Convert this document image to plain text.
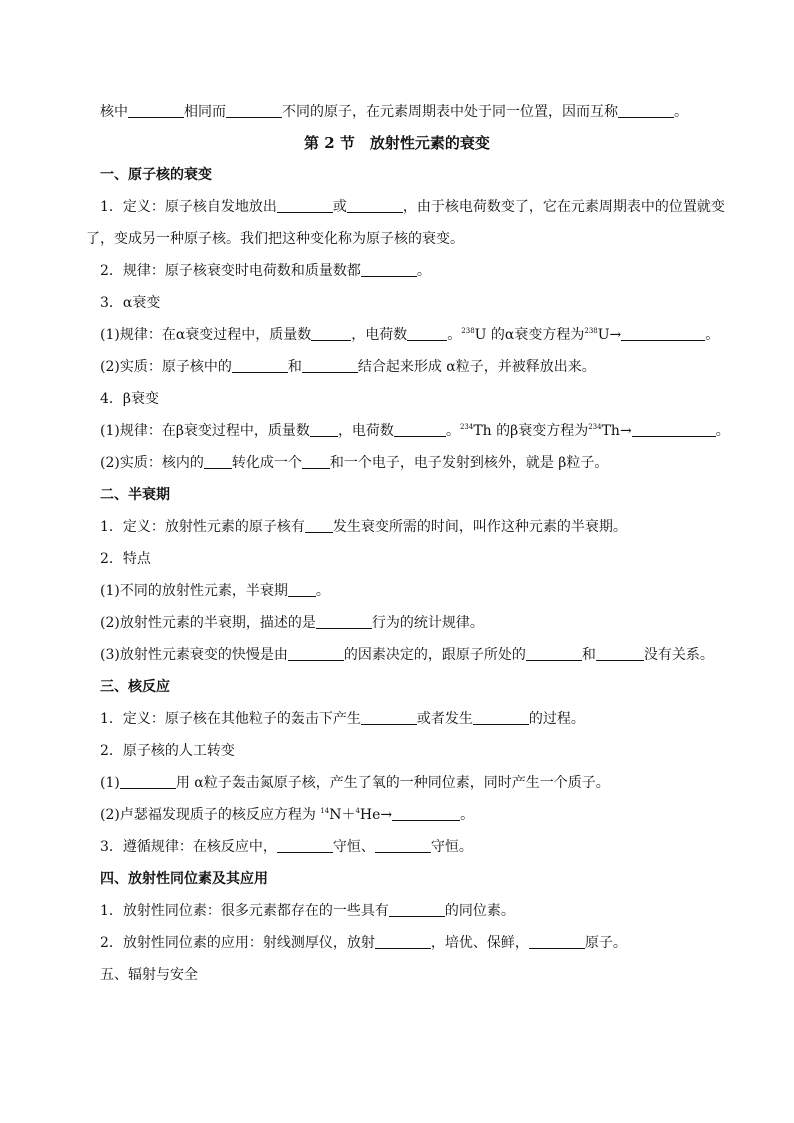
核中	相同而	不同的原子，在元素周期表中处于同一位置，因而互称	。
第 2 节　放射性元素的衰变
一、原子核的衰变
1．定义：原子核自发地放出	或	，由于核电荷数变了，它在元素周期表中的位置就变
了，变成另一种原子核。我们把这种变化称为原子核的衰变。
2．规律：原子核衰变时电荷数和质量数都	。
3．α衰变
(1)规律：在α衰变过程中，质量数	，电荷数	。$^{238}$U 的α衰变方程为$^{238}$U→	。
(2)实质：原子核中的	和	结合起来形成 α粒子，并被释放出来。
4．β衰变
(1)规律：在β衰变过程中，质量数 ，电荷数	。$^{234}$Th 的β衰变方程为$^{234}$Th→	。
(2)实质：核内的 转化成一个 和一个电子，电子发射到核外，就是 β粒子。
二、半衰期
1．定义：放射性元素的原子核有 发生衰变所需的时间，叫作这种元素的半衰期。
2．特点
(1)不同的放射性元素，半衰期 。
(2)放射性元素的半衰期，描述的是	行为的统计规律。
(3)放射性元素衰变的快慢是由	的因素决定的，跟原子所处的	和	没有关系。
三、核反应
1．定义：原子核在其他粒子的轰击下产生	或者发生	的过程。
2．原子核的人工转变
(1)	用 α粒子轰击氮原子核，产生了氧的一种同位素，同时产生一个质子。
(2)卢瑟福发现质子的核反应方程为 $^{14}$N＋$^4$He→	。
3．遵循规律：在核反应中，	守恒、	守恒。
四、放射性同位素及其应用
1．放射性同位素：很多元素都存在的一些具有	的同位素。
2．放射性同位素的应用：射线测厚仪，放射	，培优、保鲜，	原子。
五、辐射与安全
